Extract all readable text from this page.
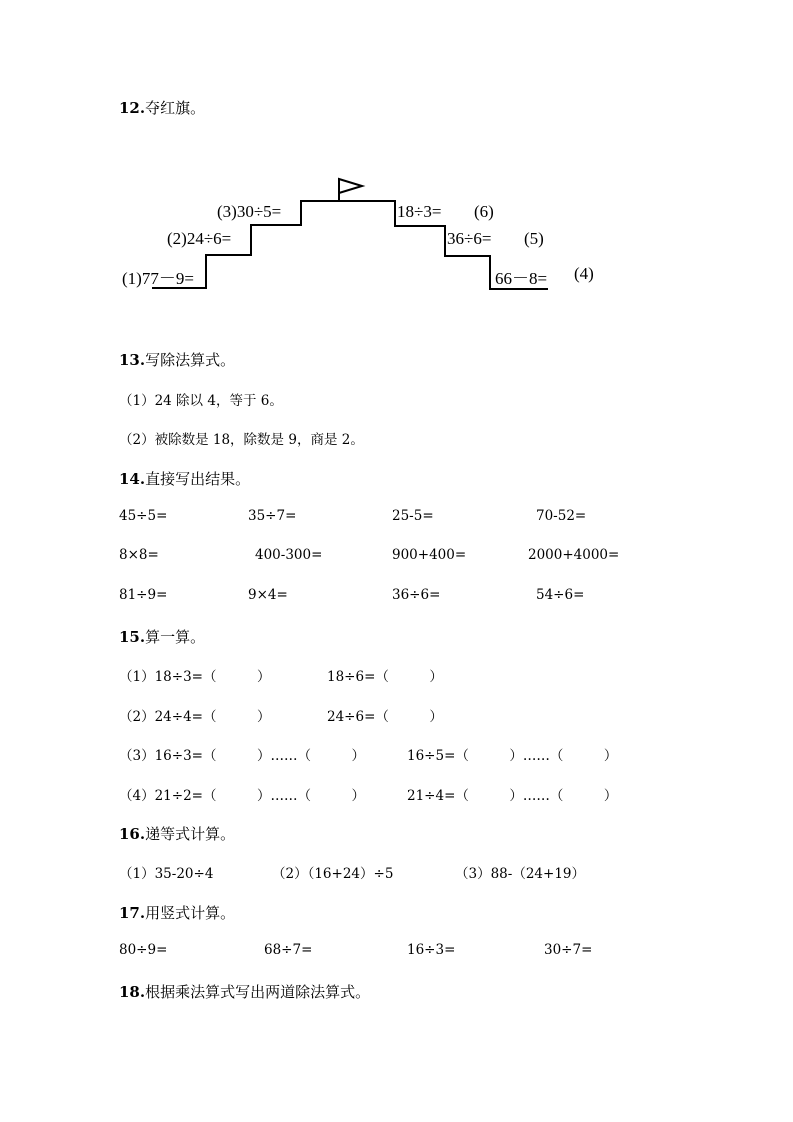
12.夺红旗。
(1)77－9=
(2)24÷6=
(3)30÷5=	18÷3= (6)
36÷6= (5)
66－8= (4)
13.写除法算式。
（1）24 除以 4，等于 6。
（2）被除数是 18，除数是 9，商是 2。
14.直接写出结果。
45÷5=	35÷7=	25-5=	70-52=
8×8=	400-300=	900+400=	2000+4000=
81÷9=	9×4=	36÷6=	54÷6=
15.算一算。
（1）18÷3=（　　　）	18÷6=（　　　）
（2）24÷4=（　　　）	24÷6=（　　　）
（3）16÷3=（　　　）……（　　　）	16÷5=（　　　）……（　　　）
（4）21÷2=（　　　）……（　　　）	21÷4=（　　　）……（　　　）
16.递等式计算。
（1）35-20÷4	（2）（16+24）÷5	（3）88-（24+19）
17.用竖式计算。
80÷9=	68÷7=	16÷3=	30÷7=
18.根据乘法算式写出两道除法算式。
